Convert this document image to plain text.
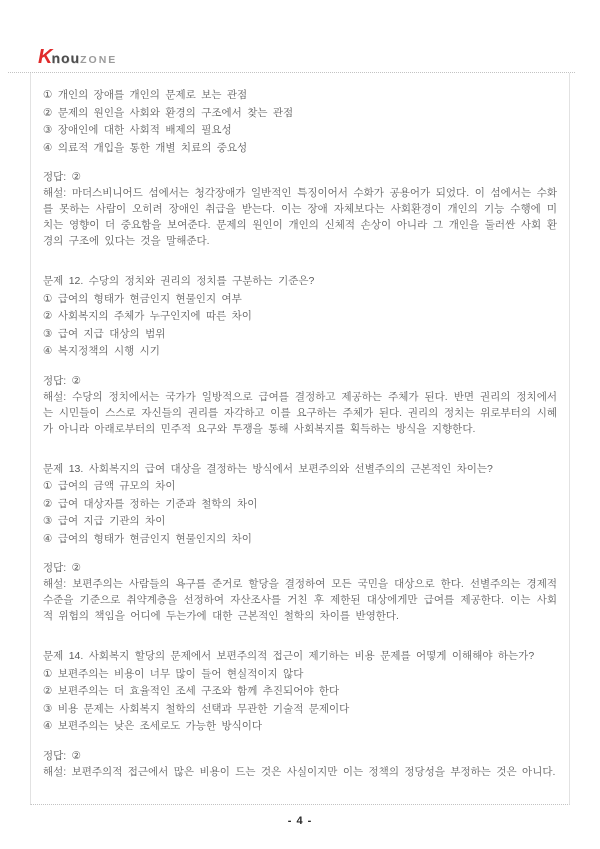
KnouZONE
① 개인의 장애를 개인의 문제로 보는 관점
② 문제의 원인을 사회와 환경의 구조에서 찾는 관점
③ 장애인에 대한 사회적 배제의 필요성
④ 의료적 개입을 통한 개별 치료의 중요성
정답: ②
해설: 마더스비니어드 섬에서는 청각장애가 일반적인 특징이어서 수화가 공용어가 되었다. 이 섬에서는 수화를 못하는 사람이 오히려 장애인 취급을 받는다. 이는 장애 자체보다는 사회환경이 개인의 기능 수행에 미치는 영향이 더 중요함을 보여준다. 문제의 원인이 개인의 신체적 손상이 아니라 그 개인을 둘러싼 사회 환경의 구조에 있다는 것을 말해준다.
문제 12. 수당의 정치와 권리의 정치를 구분하는 기준은?
① 급여의 형태가 현금인지 현물인지 여부
② 사회복지의 주체가 누구인지에 따른 차이
③ 급여 지급 대상의 범위
④ 복지정책의 시행 시기
정답: ②
해설: 수당의 정치에서는 국가가 일방적으로 급여를 결정하고 제공하는 주체가 된다. 반면 권리의 정치에서는 시민들이 스스로 자신들의 권리를 자각하고 이를 요구하는 주체가 된다. 권리의 정치는 위로부터의 시혜가 아니라 아래로부터의 민주적 요구와 투쟁을 통해 사회복지를 획득하는 방식을 지향한다.
문제 13. 사회복지의 급여 대상을 결정하는 방식에서 보편주의와 선별주의의 근본적인 차이는?
① 급여의 금액 규모의 차이
② 급여 대상자를 정하는 기준과 철학의 차이
③ 급여 지급 기관의 차이
④ 급여의 형태가 현금인지 현물인지의 차이
정답: ②
해설: 보편주의는 사람들의 욕구를 준거로 할당을 결정하여 모든 국민을 대상으로 한다. 선별주의는 경제적 수준을 기준으로 취약계층을 선정하여 자산조사를 거친 후 제한된 대상에게만 급여를 제공한다. 이는 사회적 위험의 책임을 어디에 두는가에 대한 근본적인 철학의 차이를 반영한다.
문제 14. 사회복지 할당의 문제에서 보편주의적 접근이 제기하는 비용 문제를 어떻게 이해해야 하는가?
① 보편주의는 비용이 너무 많이 들어 현실적이지 않다
② 보편주의는 더 효율적인 조세 구조와 함께 추진되어야 한다
③ 비용 문제는 사회복지 철학의 선택과 무관한 기술적 문제이다
④ 보편주의는 낮은 조세로도 가능한 방식이다
정답: ②
해설: 보편주의적 접근에서 많은 비용이 드는 것은 사실이지만 이는 정책의 정당성을 부정하는 것은 아니다.
- 4 -
